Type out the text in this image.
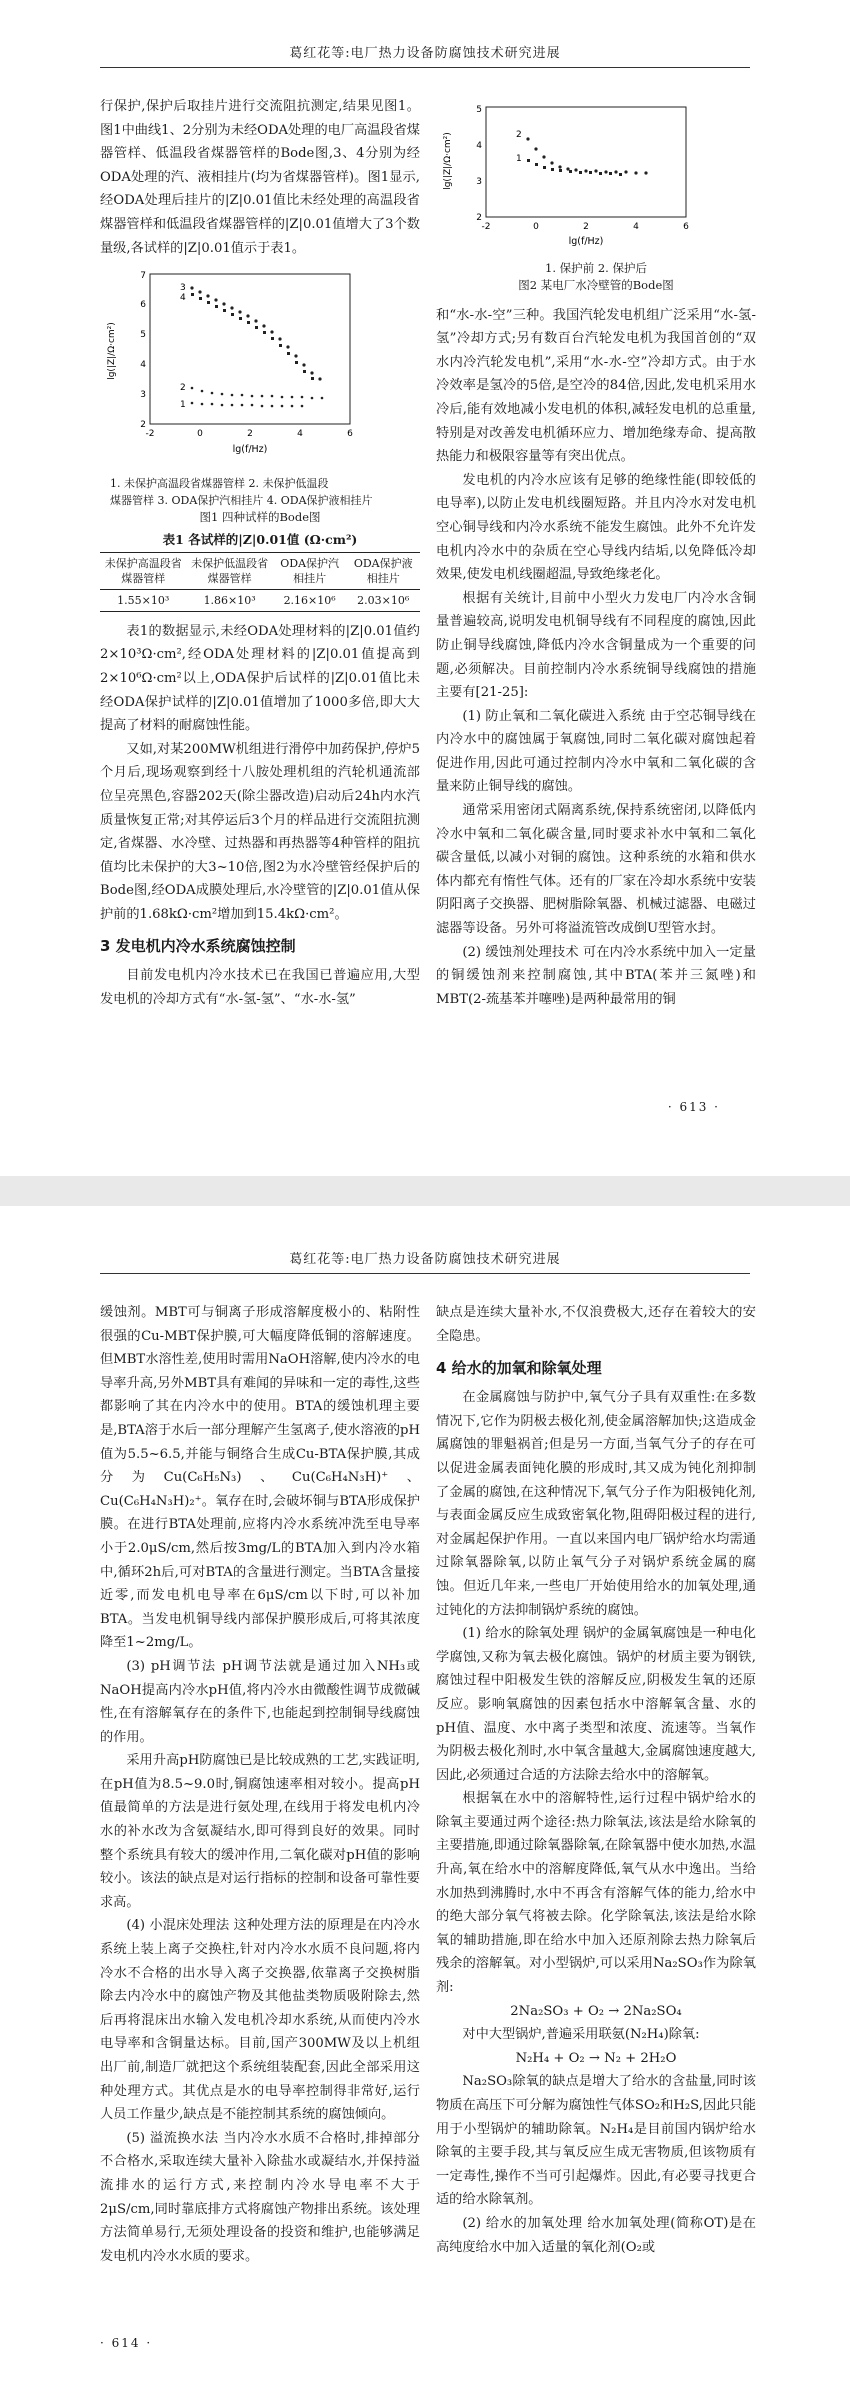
葛红花等:电厂热力设备防腐蚀技术研究进展

行保护,保护后取挂片进行交流阻抗测定,结果见图1。图1中曲线1、2分别为未经ODA处理的电厂高温段省煤器管样、低温段省煤器管样的Bode图,3、4分别为经ODA处理的汽、液相挂片(均为省煤器管样)。图1显示,经ODA处理后挂片的|Z|0.01值比未经处理的高温段省煤器管样和低温段省煤器管样的|Z|0.01值增大了3个数量级,各试样的|Z|0.01值示于表1。

lg(|Z|/Ω·cm²)
2
3
4
5
6
7
-2	0	2	4	6
lg(f/Hz)
3
4
2
1
1. 未保护高温段省煤器管样 2. 未保护低温段
煤器管样 3. ODA保护汽相挂片 4. ODA保护液相挂片
图1 四种试样的Bode图
表1 各试样的|Z|0.01值 (Ω·cm²)
未保护高温段省煤器管样	未保护低温段省煤器管样	ODA保护汽相挂片	ODA保护液相挂片
1.55×10³	1.86×10³	2.16×10⁶	2.03×10⁶

表1的数据显示,未经ODA处理材料的|Z|0.01值约2×10³Ω·cm²,经ODA处理材料的|Z|0.01值提高到2×10⁶Ω·cm²以上,ODA保护后试样的|Z|0.01值比未经ODA保护试样的|Z|0.01值增加了1000多倍,即大大提高了材料的耐腐蚀性能。

又如,对某200MW机组进行滑停中加药保护,停炉5个月后,现场观察到经十八胺处理机组的汽轮机通流部位呈亮黑色,容器202天(除尘器改造)启动后24h内水汽质量恢复正常;对其停运后3个月的样品进行交流阻抗测定,省煤器、水冷壁、过热器和再热器等4种管样的阻抗值均比未保护的大3~10倍,图2为水冷壁管经保护后的Bode图,经ODA成膜处理后,水冷壁管的|Z|0.01值从保护前的1.68kΩ·cm²增加到15.4kΩ·cm²。

3 发电机内冷水系统腐蚀控制

目前发电机内冷水技术已在我国已普遍应用,大型发电机的冷却方式有“水-氢-氢”、“水-水-氢”

lg(|Z|/Ω·cm²)
2
3
4
5
-2	0	2	4	6
lg(f/Hz)
2
1
1. 保护前 2. 保护后
图2 某电厂水冷壁管的Bode图

和“水-水-空”三种。我国汽轮发电机组广泛采用“水-氢-氢”冷却方式;另有数百台汽轮发电机为我国首创的“双水内冷汽轮发电机”,采用“水-水-空”冷却方式。由于水冷效率是氢冷的5倍,是空冷的84倍,因此,发电机采用水冷后,能有效地减小发电机的体积,减轻发电机的总重量,特别是对改善发电机循环应力、增加绝缘寿命、提高散热能力和极限容量等有突出优点。

发电机的内冷水应该有足够的绝缘性能(即较低的电导率),以防止发电机线圈短路。并且内冷水对发电机空心铜导线和内冷水系统不能发生腐蚀。此外不允许发电机内冷水中的杂质在空心导线内结垢,以免降低冷却效果,使发电机线圈超温,导致绝缘老化。

根据有关统计,目前中小型火力发电厂内冷水含铜量普遍较高,说明发电机铜导线有不同程度的腐蚀,因此防止铜导线腐蚀,降低内冷水含铜量成为一个重要的问题,必须解决。目前控制内冷水系统铜导线腐蚀的措施主要有[21-25]:

(1) 防止氧和二氧化碳进入系统 由于空芯铜导线在内冷水中的腐蚀属于氧腐蚀,同时二氧化碳对腐蚀起着促进作用,因此可通过控制内冷水中氧和二氧化碳的含量来防止铜导线的腐蚀。

通常采用密闭式隔离系统,保持系统密闭,以降低内冷水中氧和二氧化碳含量,同时要求补水中氧和二氧化碳含量低,以减小对铜的腐蚀。这种系统的水箱和供水体内都充有惰性气体。还有的厂家在冷却水系统中安装阴阳离子交换器、肥树脂除氧器、机械过滤器、电磁过滤器等设备。另外可将溢流管改成倒U型管水封。

(2) 缓蚀剂处理技术 可在内冷水系统中加入一定量的铜缓蚀剂来控制腐蚀,其中BTA(苯并三氮唑)和MBT(2-巯基苯并噻唑)是两种最常用的铜

· 613 ·
葛红花等:电厂热力设备防腐蚀技术研究进展

缓蚀剂。MBT可与铜离子形成溶解度极小的、粘附性很强的Cu-MBT保护膜,可大幅度降低铜的溶解速度。但MBT水溶性差,使用时需用NaOH溶解,使内冷水的电导率升高,另外MBT具有难闻的异味和一定的毒性,这些都影响了其在内冷水中的使用。BTA的缓蚀机理主要是,BTA溶于水后一部分理解产生氢离子,使水溶液的pH值为5.5~6.5,并能与铜络合生成Cu-BTA保护膜,其成分为Cu(C₆H₅N₃)、Cu(C₆H₄N₃H)⁺、Cu(C₆H₄N₃H)₂⁺。氧存在时,会破坏铜与BTA形成保护膜。在进行BTA处理前,应将内冷水系统冲洗至电导率小于2.0μS/cm,然后按3mg/L的BTA加入到内冷水箱中,循环2h后,可对BTA的含量进行测定。当BTA含量接近零,而发电机电导率在6μS/cm以下时,可以补加BTA。当发电机铜导线内部保护膜形成后,可将其浓度降至1~2mg/L。

(3) pH调节法 pH调节法就是通过加入NH₃或NaOH提高内冷水pH值,将内冷水由微酸性调节成微碱性,在有溶解氧存在的条件下,也能起到控制铜导线腐蚀的作用。

采用升高pH防腐蚀已是比较成熟的工艺,实践证明,在pH值为8.5~9.0时,铜腐蚀速率相对较小。提高pH值最简单的方法是进行氨处理,在线用于将发电机内冷水的补水改为含氨凝结水,即可得到良好的效果。同时整个系统具有较大的缓冲作用,二氧化碳对pH值的影响较小。该法的缺点是对运行指标的控制和设备可靠性要求高。

(4) 小混床处理法 这种处理方法的原理是在内冷水系统上装上离子交换柱,针对内冷水水质不良问题,将内冷水不合格的出水导入离子交换器,依靠离子交换树脂除去内冷水中的腐蚀产物及其他盐类物质吸附除去,然后再将混床出水输入发电机冷却水系统,从而使内冷水电导率和含铜量达标。目前,国产300MW及以上机组出厂前,制造厂就把这个系统组装配套,因此全部采用这种处理方式。其优点是水的电导率控制得非常好,运行人员工作量少,缺点是不能控制其系统的腐蚀倾向。

(5) 溢流换水法 当内冷水水质不合格时,排掉部分不合格水,采取连续大量补入除盐水或凝结水,并保持溢流排水的运行方式,来控制内冷水导电率不大于2μS/cm,同时靠底排方式将腐蚀产物排出系统。该处理方法简单易行,无须处理设备的投资和维护,也能够满足发电机内冷水水质的要求。

缺点是连续大量补水,不仅浪费极大,还存在着较大的安全隐患。

4 给水的加氧和除氧处理

在金属腐蚀与防护中,氧气分子具有双重性:在多数情况下,它作为阴极去极化剂,使金属溶解加快;这造成金属腐蚀的罪魁祸首;但是另一方面,当氧气分子的存在可以促进金属表面钝化膜的形成时,其又成为钝化剂抑制了金属的腐蚀,在这种情况下,氧气分子作为阳极钝化剂,与表面金属反应生成致密氧化物,阻碍阳极过程的进行,对金属起保护作用。一直以来国内电厂锅炉给水均需通过除氧器除氧,以防止氧气分子对锅炉系统金属的腐蚀。但近几年来,一些电厂开始使用给水的加氧处理,通过钝化的方法抑制锅炉系统的腐蚀。

(1) 给水的除氧处理 锅炉的金属氧腐蚀是一种电化学腐蚀,又称为氧去极化腐蚀。锅炉的材质主要为钢铁,腐蚀过程中阳极发生铁的溶解反应,阴极发生氧的还原反应。影响氧腐蚀的因素包括水中溶解氧含量、水的pH值、温度、水中离子类型和浓度、流速等。当氧作为阴极去极化剂时,水中氧含量越大,金属腐蚀速度越大,因此,必须通过合适的方法除去给水中的溶解氧。

根据氧在水中的溶解特性,运行过程中锅炉给水的除氧主要通过两个途径:热力除氧法,该法是给水除氧的主要措施,即通过除氧器除氧,在除氧器中使水加热,水温升高,氧在给水中的溶解度降低,氧气从水中逸出。当给水加热到沸腾时,水中不再含有溶解气体的能力,给水中的绝大部分氧气将被去除。化学除氧法,该法是给水除氧的辅助措施,即在给水中加入还原剂除去热力除氧后残余的溶解氧。对小型锅炉,可以采用Na₂SO₃作为除氧剂:

2Na₂SO₃ + O₂ → 2Na₂SO₄

对中大型锅炉,普遍采用联氨(N₂H₄)除氧:

N₂H₄ + O₂ → N₂ + 2H₂O

Na₂SO₃除氧的缺点是增大了给水的含盐量,同时该物质在高压下可分解为腐蚀性气体SO₂和H₂S,因此只能用于小型锅炉的辅助除氧。N₂H₄是目前国内锅炉给水除氧的主要手段,其与氧反应生成无害物质,但该物质有一定毒性,操作不当可引起爆炸。因此,有必要寻找更合适的给水除氧剂。

(2) 给水的加氧处理 给水加氧处理(简称OT)是在高纯度给水中加入适量的氧化剂(O₂或

· 614 ·
